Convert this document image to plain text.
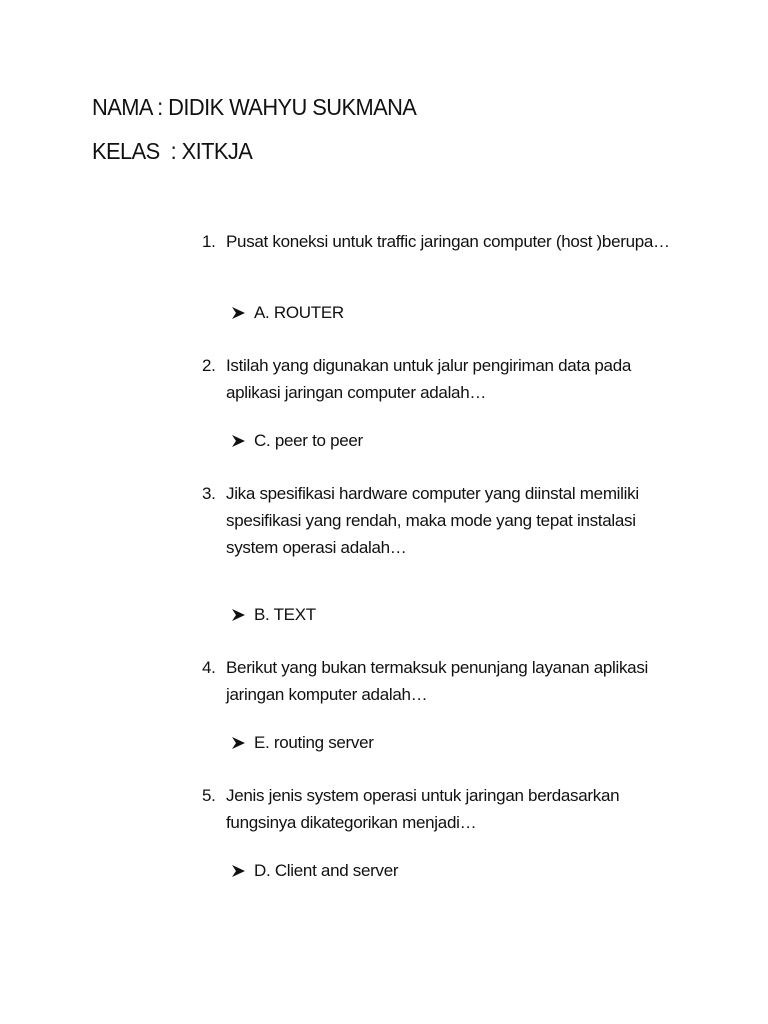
NAMA : DIDIK WAHYU SUKMANA
KELAS  : XITKJA
1. Pusat koneksi untuk traffic jaringan computer (host )berupa…
A. ROUTER
2. Istilah yang digunakan untuk jalur pengiriman data pada aplikasi jaringan computer adalah…
C. peer to peer
3. Jika spesifikasi hardware computer yang diinstal memiliki spesifikasi yang rendah, maka mode yang tepat instalasi system operasi adalah…
B. TEXT
4. Berikut yang bukan termaksuk penunjang layanan aplikasi jaringan komputer adalah…
E. routing server
5. Jenis jenis system operasi untuk jaringan berdasarkan fungsinya dikategorikan menjadi…
D. Client and server
